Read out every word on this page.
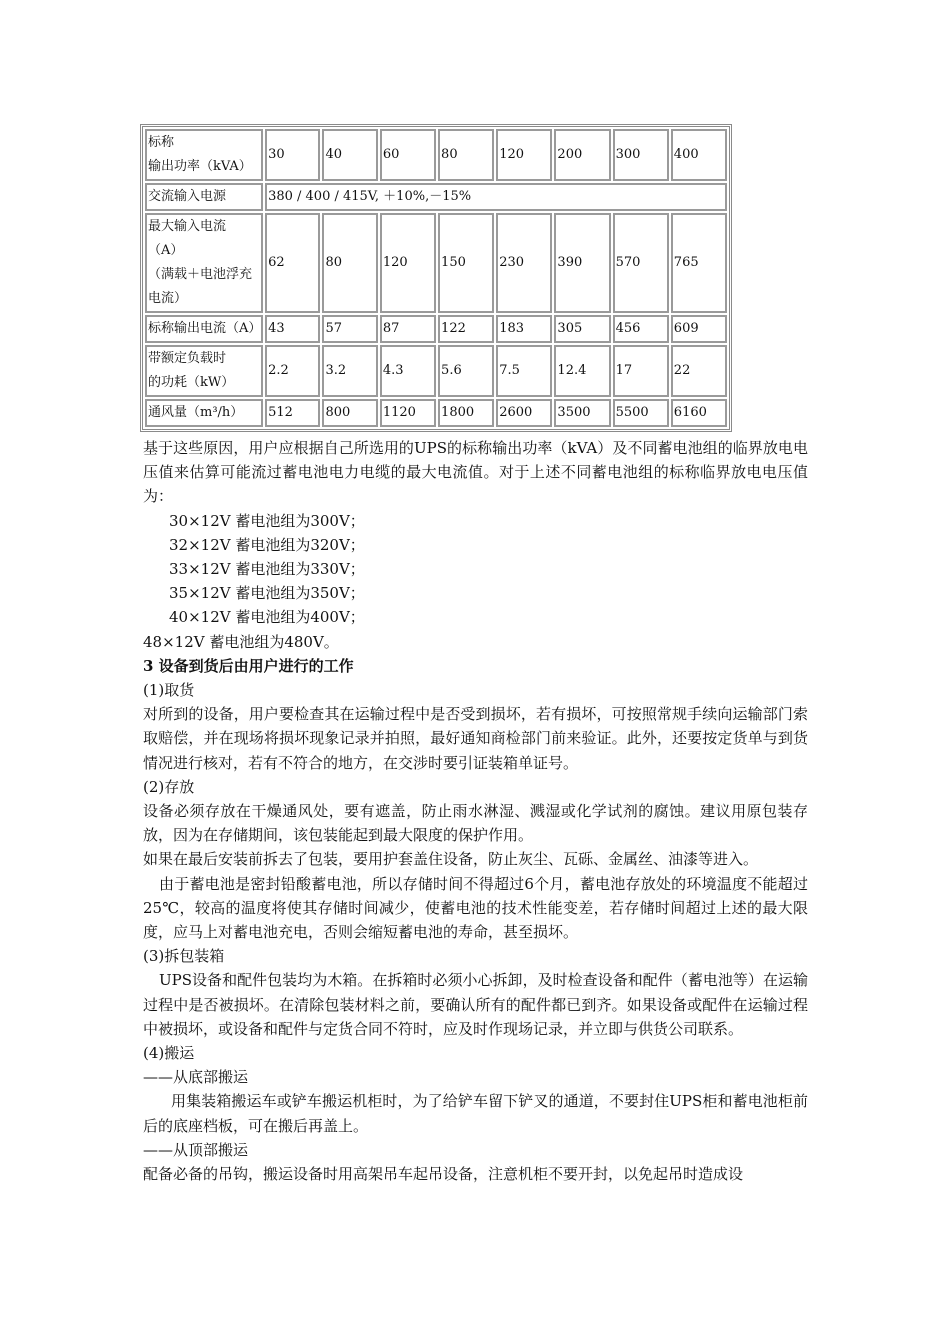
标称
输出功率（kVA）	30	40	60	80	120	200	300	400
交流输入电源	380 / 400 / 415V, ＋10%,－15%							
最大输入电流（A）
（满载＋电池浮充
电流）	62	80	120	150	230	390	570	765
标称输出电流（A）	43	57	87	122	183	305	456	609
带额定负载时
的功耗（kW）	2.2	3.2	4.3	5.6	7.5	12.4	17	22
通风量（m³/h）	512	800	1120	1800	2600	3500	5500	6160

基于这些原因，用户应根据自己所选用的UPS的标称输出功率（kVA）及不同蓄电池组的临界放电电压值来估算可能流过蓄电池电力电缆的最大电流值。对于上述不同蓄电池组的标称临界放电电压值为：

30×12V 蓄电池组为300V；

32×12V 蓄电池组为320V；

33×12V 蓄电池组为330V；

35×12V 蓄电池组为350V；

40×12V 蓄电池组为400V；

48×12V 蓄电池组为480V。

3 设备到货后由用户进行的工作

(1)取货

对所到的设备，用户要检查其在运输过程中是否受到损坏，若有损坏，可按照常规手续向运输部门索取赔偿，并在现场将损坏现象记录并拍照，最好通知商检部门前来验证。此外，还要按定货单与到货情况进行核对，若有不符合的地方，在交涉时要引证装箱单证号。

(2)存放

设备必须存放在干燥通风处，要有遮盖，防止雨水淋湿、溅湿或化学试剂的腐蚀。建议用原包装存放，因为在存储期间，该包装能起到最大限度的保护作用。

如果在最后安装前拆去了包装，要用护套盖住设备，防止灰尘、瓦砾、金属丝、油漆等进入。

由于蓄电池是密封铅酸蓄电池，所以存储时间不得超过6个月，蓄电池存放处的环境温度不能超过25℃，较高的温度将使其存储时间减少，使蓄电池的技术性能变差，若存储时间超过上述的最大限度，应马上对蓄电池充电，否则会缩短蓄电池的寿命，甚至损坏。

(3)拆包装箱

UPS设备和配件包装均为木箱。在拆箱时必须小心拆卸，及时检查设备和配件（蓄电池等）在运输过程中是否被损坏。在清除包装材料之前，要确认所有的配件都已到齐。如果设备或配件在运输过程中被损坏，或设备和配件与定货合同不符时，应及时作现场记录，并立即与供货公司联系。

(4)搬运

——从底部搬运

用集装箱搬运车或铲车搬运机柜时，为了给铲车留下铲叉的通道，不要封住UPS柜和蓄电池柜前后的底座档板，可在搬后再盖上。

——从顶部搬运

配备必备的吊钩，搬运设备时用高架吊车起吊设备，注意机柜不要开封，以免起吊时造成设
